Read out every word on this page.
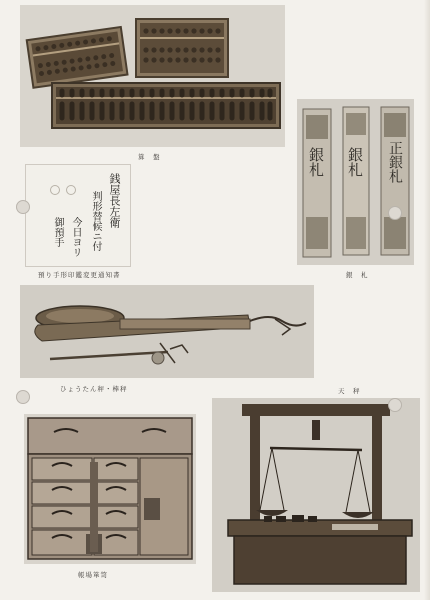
算　盤	銀札 銀札 正銀札
銀　札
銭屋長左衛
判形替候ニ付
今日ヨリ
御預手
預り手形印鑑変更通知書
ひょうたん秤・棒秤	天　秤
帳場箪笥
